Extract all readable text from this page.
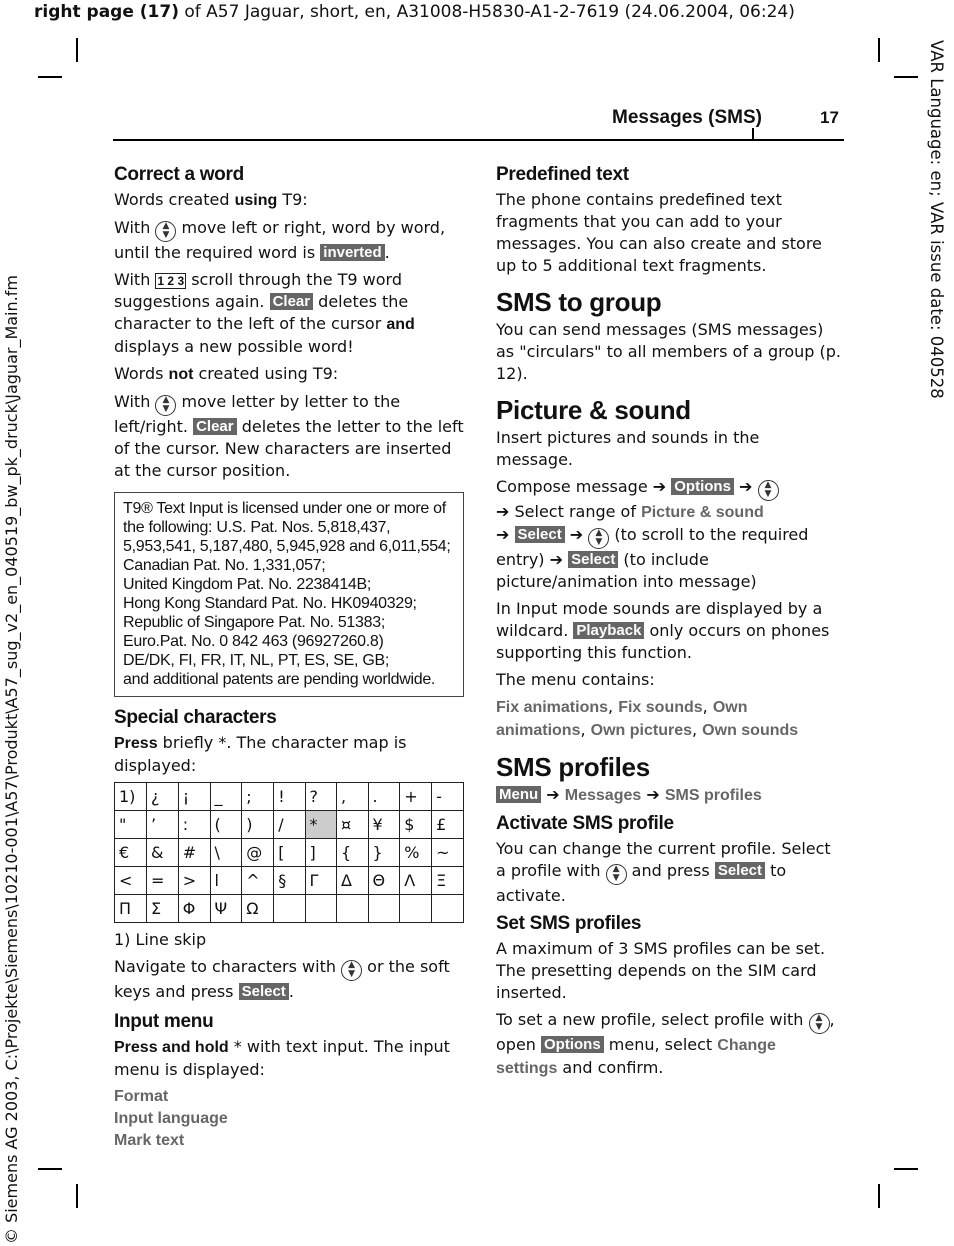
right page (17) of A57 Jaguar, short, en, A31008-H5830-A1-2-7619 (24.06.2004, 06:24)
VAR Language: en; VAR issue date: 040528
© Siemens AG 2003, C:\Projekte\Siemens\10210-001\A57\Produkt\A57_sug_v2_en_040519_bw_pk_druck\Jaguar_Main.fm
Messages (SMS)	17
Correct a word

Words created using T9:

With ▲
▼ move left or right, word by word, until the required word is inverted .

With 1 2 3 scroll through the T9 word suggestions again. Clear deletes the character to the left of the cursor and displays a new possible word!

Words not created using T9:

With ▲
▼ move letter by letter to the left/right. Clear deletes the letter to the left of the cursor. New characters are inserted at the cursor position.

T9® Text Input is licensed under one or more of
the following: U.S. Pat. Nos. 5,818,437,
5,953,541, 5,187,480, 5,945,928 and 6,011,554;
Canadian Pat. No. 1,331,057;
United Kingdom Pat. No. 2238414B;
Hong Kong Standard Pat. No. HK0940329;
Republic of Singapore Pat. No. 51383;
Euro.Pat. No. 0 842 463 (96927260.8)
DE/DK, FI, FR, IT, NL, PT, ES, SE, GB;
and additional patents are pending worldwide.
Special characters

Press briefly *. The character map is displayed:

1)	¿	¡	_	;	!	?	,	.	+	-
"	’	:	(	)	/	*	¤	¥	$	£
€	&	#	\	@	[	]	{	}	%	~
<	=	>	l	^	§	Γ	Δ	Θ	Λ	Ξ
Π	Σ	Φ	Ψ	Ω						

1) Line skip

Navigate to characters with ▲
▼ or the soft keys and press Select .

Input menu

Press and hold * with text input. The input menu is displayed:

Format
Input language
Mark text
Predefined text

The phone contains predefined text fragments that you can add to your messages. You can also create and store up to 5 additional text fragments.

SMS to group

You can send messages (SMS messages) as "circulars" to all members of a group (p. 12).

Picture & sound

Insert pictures and sounds in the message.

Compose message ➔ Options ➔	▲
▼

➔ Select range of Picture & sound
➔ Select ➔	▲
▼ (to scroll to the required entry) ➔ Select (to include picture/animation into message)

In Input mode sounds are displayed by a wildcard. Playback only occurs on phones supporting this function.

The menu contains:

Fix animations, Fix sounds, Own animations, Own pictures, Own sounds

SMS profiles

Menu ➔ Messages ➔ SMS profiles

Activate SMS profile

You can change the current profile. Select a profile with ▲
▼ and press Select to activate.

Set SMS profiles

A maximum of 3 SMS profiles can be set. The presetting depends on the SIM card inserted.

To set a new profile, select profile with ▲
▼ , open Options menu, select Change settings and confirm.
